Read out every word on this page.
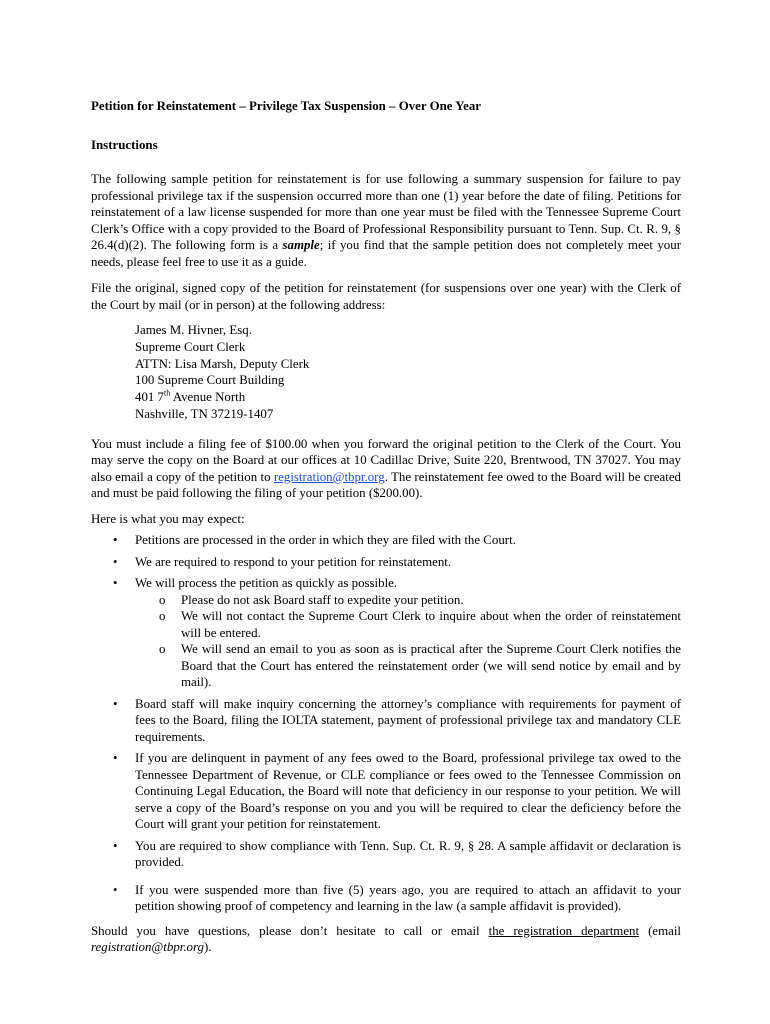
Petition for Reinstatement – Privilege Tax Suspension – Over One Year
Instructions

The following sample petition for reinstatement is for use following a summary suspension for failure to pay professional privilege tax if the suspension occurred more than one (1) year before the date of filing. Petitions for reinstatement of a law license suspended for more than one year must be filed with the Tennessee Supreme Court Clerk’s Office with a copy provided to the Board of Professional Responsibility pursuant to Tenn. Sup. Ct. R. 9, § 26.4(d)(2). The following form is a sample; if you find that the sample petition does not completely meet your needs, please feel free to use it as a guide.

File the original, signed copy of the petition for reinstatement (for suspensions over one year) with the Clerk of the Court by mail (or in person) at the following address:

James M. Hivner, Esq.
Supreme Court Clerk
ATTN: Lisa Marsh, Deputy Clerk
100 Supreme Court Building
401 7th Avenue North
Nashville, TN 37219-1407

You must include a filing fee of $100.00 when you forward the original petition to the Clerk of the Court. You may serve the copy on the Board at our offices at 10 Cadillac Drive, Suite 220, Brentwood, TN 37027. You may also email a copy of the petition to registration@tbpr.org. The reinstatement fee owed to the Board will be created and must be paid following the filing of your petition ($200.00).

Here is what you may expect:

• Petitions are processed in the order in which they are filed with the Court.
• We are required to respond to your petition for reinstatement.
• We will process the petition as quickly as possible.
o Please do not ask Board staff to expedite your petition.
o We will not contact the Supreme Court Clerk to inquire about when the order of reinstatement will be entered.
o We will send an email to you as soon as is practical after the Supreme Court Clerk notifies the Board that the Court has entered the reinstatement order (we will send notice by email and by mail).
• Board staff will make inquiry concerning the attorney’s compliance with requirements for payment of fees to the Board, filing the IOLTA statement, payment of professional privilege tax and mandatory CLE requirements.
• If you are delinquent in payment of any fees owed to the Board, professional privilege tax owed to the Tennessee Department of Revenue, or CLE compliance or fees owed to the Tennessee Commission on Continuing Legal Education, the Board will note that deficiency in our response to your petition. We will serve a copy of the Board’s response on you and you will be required to clear the deficiency before the Court will grant your petition for reinstatement.
• You are required to show compliance with Tenn. Sup. Ct. R. 9, § 28. A sample affidavit or declaration is provided.
• If you were suspended more than five (5) years ago, you are required to attach an affidavit to your petition showing proof of competency and learning in the law (a sample affidavit is provided).

Should you have questions, please don’t hesitate to call or email the registration department (email registration@tbpr.org).
